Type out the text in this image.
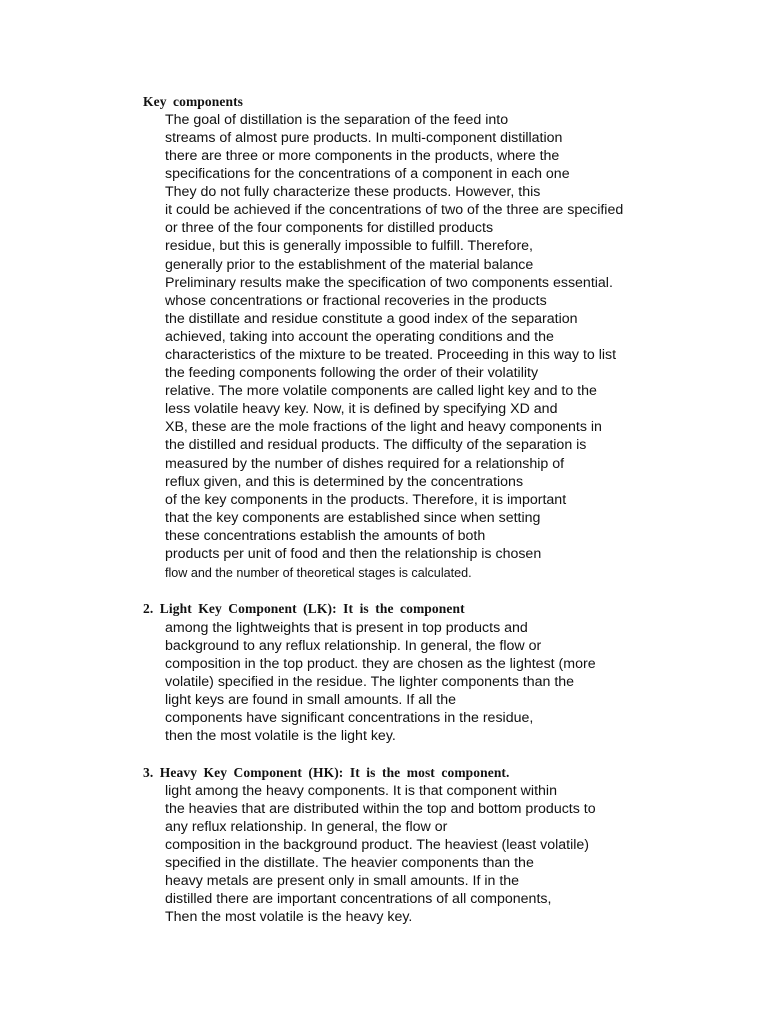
Key components
The goal of distillation is the separation of the feed into
streams of almost pure products. In multi-component distillation
there are three or more components in the products, where the
specifications for the concentrations of a component in each one
They do not fully characterize these products. However, this
it could be achieved if the concentrations of two of the three are specified
or three of the four components for distilled products
residue, but this is generally impossible to fulfill. Therefore,
generally prior to the establishment of the material balance
Preliminary results make the specification of two components essential.
whose concentrations or fractional recoveries in the products
the distillate and residue constitute a good index of the separation
achieved, taking into account the operating conditions and the
characteristics of the mixture to be treated. Proceeding in this way to list
the feeding components following the order of their volatility
relative. The more volatile components are called light key and to the
less volatile heavy key. Now, it is defined by specifying XD and
XB, these are the mole fractions of the light and heavy components in
the distilled and residual products. The difficulty of the separation is
measured by the number of dishes required for a relationship of
reflux given, and this is determined by the concentrations
of the key components in the products. Therefore, it is important
that the key components are established since when setting
these concentrations establish the amounts of both
products per unit of food and then the relationship is chosen
flow and the number of theoretical stages is calculated.
2. Light Key Component (LK): It is the component
among the lightweights that is present in top products and
background to any reflux relationship. In general, the flow or
composition in the top product. they are chosen as the lightest (more
volatile) specified in the residue. The lighter components than the
light keys are found in small amounts. If all the
components have significant concentrations in the residue,
then the most volatile is the light key.
3. Heavy Key Component (HK): It is the most component.
light among the heavy components. It is that component within
the heavies that are distributed within the top and bottom products to
any reflux relationship. In general, the flow or
composition in the background product. The heaviest (least volatile)
specified in the distillate. The heavier components than the
heavy metals are present only in small amounts. If in the
distilled there are important concentrations of all components,
Then the most volatile is the heavy key.
